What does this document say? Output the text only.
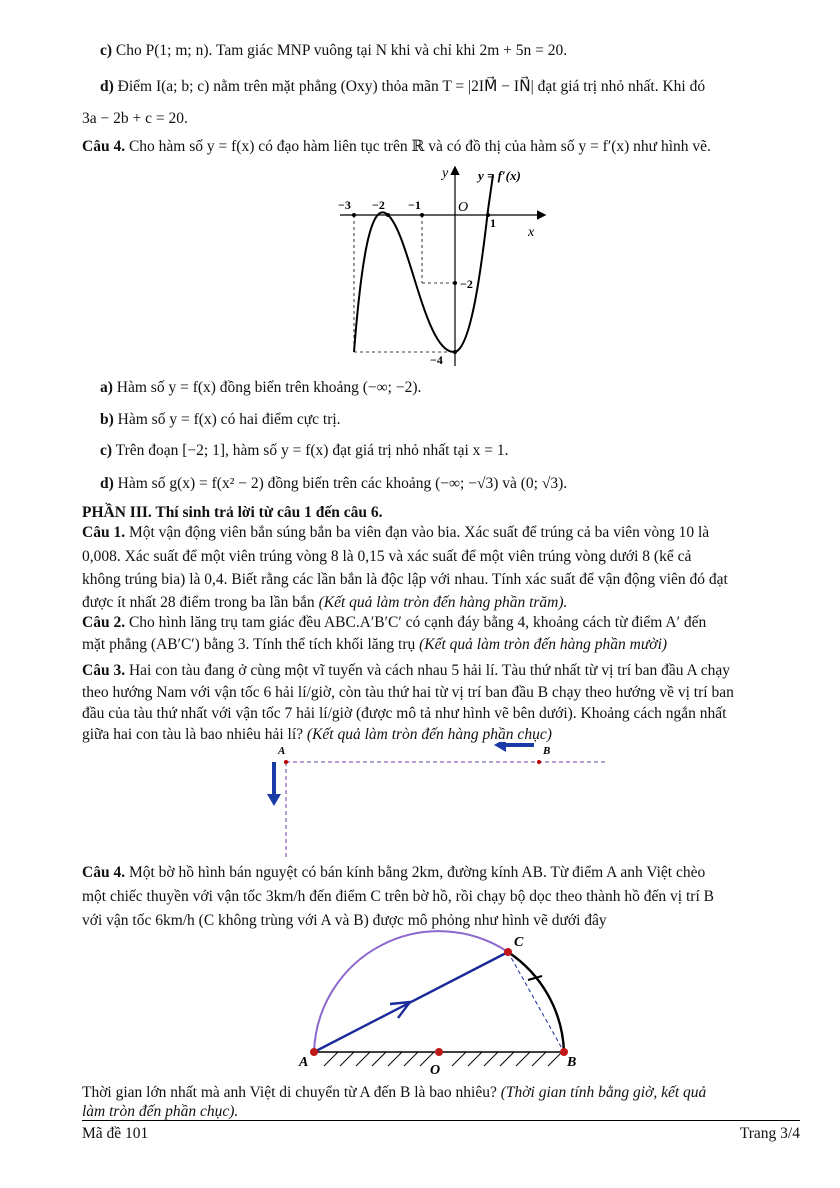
c) Cho P(1; m; n). Tam giác MNP vuông tại N khi và chỉ khi 2m + 5n = 20.
d) Điểm I(a; b; c) nằm trên mặt phẳng (Oxy) thỏa mãn T = |2IM⃗ − IN⃗| đạt giá trị nhỏ nhất. Khi đó
3a − 2b + c = 20.
Câu 4. Cho hàm số y = f(x) có đạo hàm liên tục trên ℝ và có đồ thị của hàm số y = f′(x) như hình vẽ.
y = f′(x)
y
x
O
−3 −2 −1
1
−2
−4
a) Hàm số y = f(x) đồng biến trên khoảng (−∞; −2).
b) Hàm số y = f(x) có hai điểm cực trị.
c) Trên đoạn [−2; 1], hàm số y = f(x) đạt giá trị nhỏ nhất tại x = 1.
d) Hàm số g(x) = f(x² − 2) đồng biến trên các khoảng (−∞; −√3) và (0; √3).
PHẦN III. Thí sinh trả lời từ câu 1 đến câu 6.
Câu 1. Một vận động viên bắn súng bắn ba viên đạn vào bia. Xác suất để trúng cả ba viên vòng 10 là
0,008. Xác suất để một viên trúng vòng 8 là 0,15 và xác suất để một viên trúng vòng dưới 8 (kể cả
không trúng bia) là 0,4. Biết rằng các lần bắn là độc lập với nhau. Tính xác suất để vận động viên đó đạt
được ít nhất 28 điểm trong ba lần bắn (Kết quả làm tròn đến hàng phần trăm).
Câu 2. Cho hình lăng trụ tam giác đều ABC.A′B′C′ có cạnh đáy bằng 4, khoảng cách từ điểm A′ đến
mặt phẳng (AB′C′) bằng 3. Tính thể tích khối lăng trụ (Kết quả làm tròn đến hàng phần mười)
Câu 3. Hai con tàu đang ở cùng một vĩ tuyến và cách nhau 5 hải lí. Tàu thứ nhất từ vị trí ban đầu A chạy
theo hướng Nam với vận tốc 6 hải lí/giờ, còn tàu thứ hai từ vị trí ban đầu B chạy theo hướng về vị trí ban
đầu của tàu thứ nhất với vận tốc 7 hải lí/giờ (được mô tả như hình vẽ bên dưới). Khoảng cách ngắn nhất
giữa hai con tàu là bao nhiêu hải lí? (Kết quả làm tròn đến hàng phần chục)
A	B
Câu 4. Một bờ hồ hình bán nguyệt có bán kính bằng 2km, đường kính AB. Từ điểm A anh Việt chèo
một chiếc thuyền với vận tốc 3km/h đến điểm C trên bờ hồ, rồi chạy bộ dọc theo thành hồ đến vị trí B
với vận tốc 6km/h (C không trùng với A và B) được mô phỏng như hình vẽ dưới đây
A	B
C
O
Thời gian lớn nhất mà anh Việt di chuyển từ A đến B là bao nhiêu? (Thời gian tính bằng giờ, kết quả
làm tròn đến phần chục).
Mã đề 101	Trang 3/4
